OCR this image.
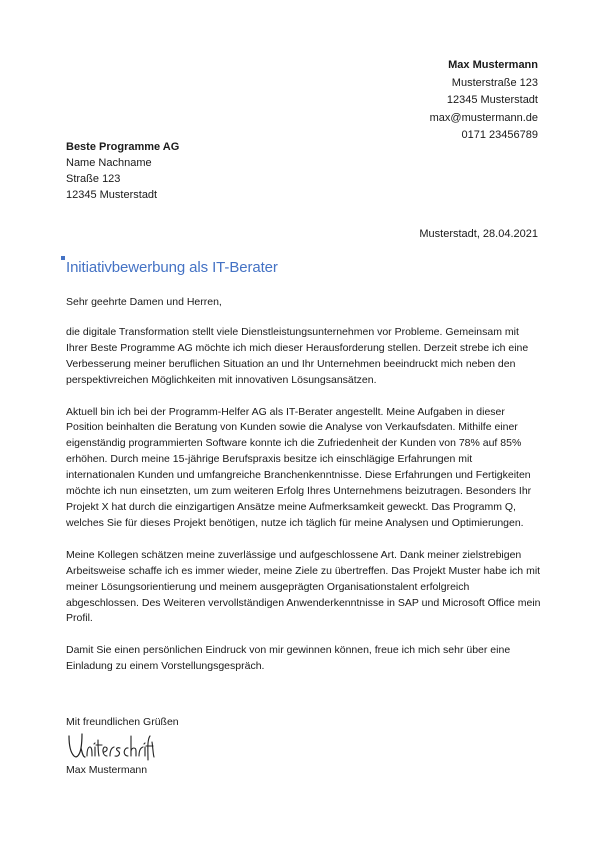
Max Mustermann
Musterstraße 123
12345 Musterstadt
max@mustermann.de
0171 23456789
Beste Programme AG
Name Nachname
Straße 123
12345 Musterstadt
Musterstadt, 28.04.2021
Initiativbewerbung als IT-Berater

Sehr geehrte Damen und Herren,

die digitale Transformation stellt viele Dienstleistungsunternehmen vor Probleme. Gemeinsam mit Ihrer Beste Programme AG möchte ich mich dieser Herausforderung stellen. Derzeit strebe ich eine Verbesserung meiner beruflichen Situation an und Ihr Unternehmen beeindruckt mich neben den perspektivreichen Möglichkeiten mit innovativen Lösungsansätzen.

Aktuell bin ich bei der Programm-Helfer AG als IT-Berater angestellt. Meine Aufgaben in dieser Position beinhalten die Beratung von Kunden sowie die Analyse von Verkaufsdaten. Mithilfe einer eigenständig programmierten Software konnte ich die Zufriedenheit der Kunden von 78% auf 85% erhöhen. Durch meine 15-jährige Berufspraxis besitze ich einschlägige Erfahrungen mit internationalen Kunden und umfangreiche Branchenkenntnisse. Diese Erfahrungen und Fertigkeiten möchte ich nun einsetzten, um zum weiteren Erfolg Ihres Unternehmens beizutragen. Besonders Ihr Projekt X hat durch die einzigartigen Ansätze meine Aufmerksamkeit geweckt. Das Programm Q, welches Sie für dieses Projekt benötigen, nutze ich täglich für meine Analysen und Optimierungen.

Meine Kollegen schätzen meine zuverlässige und aufgeschlossene Art. Dank meiner zielstrebigen Arbeitsweise schaffe ich es immer wieder, meine Ziele zu übertreffen. Das Projekt Muster habe ich mit meiner Lösungsorientierung und meinem ausgeprägten Organisationstalent erfolgreich abgeschlossen. Des Weiteren vervollständigen Anwenderkenntnisse in SAP und Microsoft Office mein Profil.

Damit Sie einen persönlichen Eindruck von mir gewinnen können, freue ich mich sehr über eine Einladung zu einem Vorstellungsgespräch.

Mit freundlichen Grüßen
Max Mustermann
